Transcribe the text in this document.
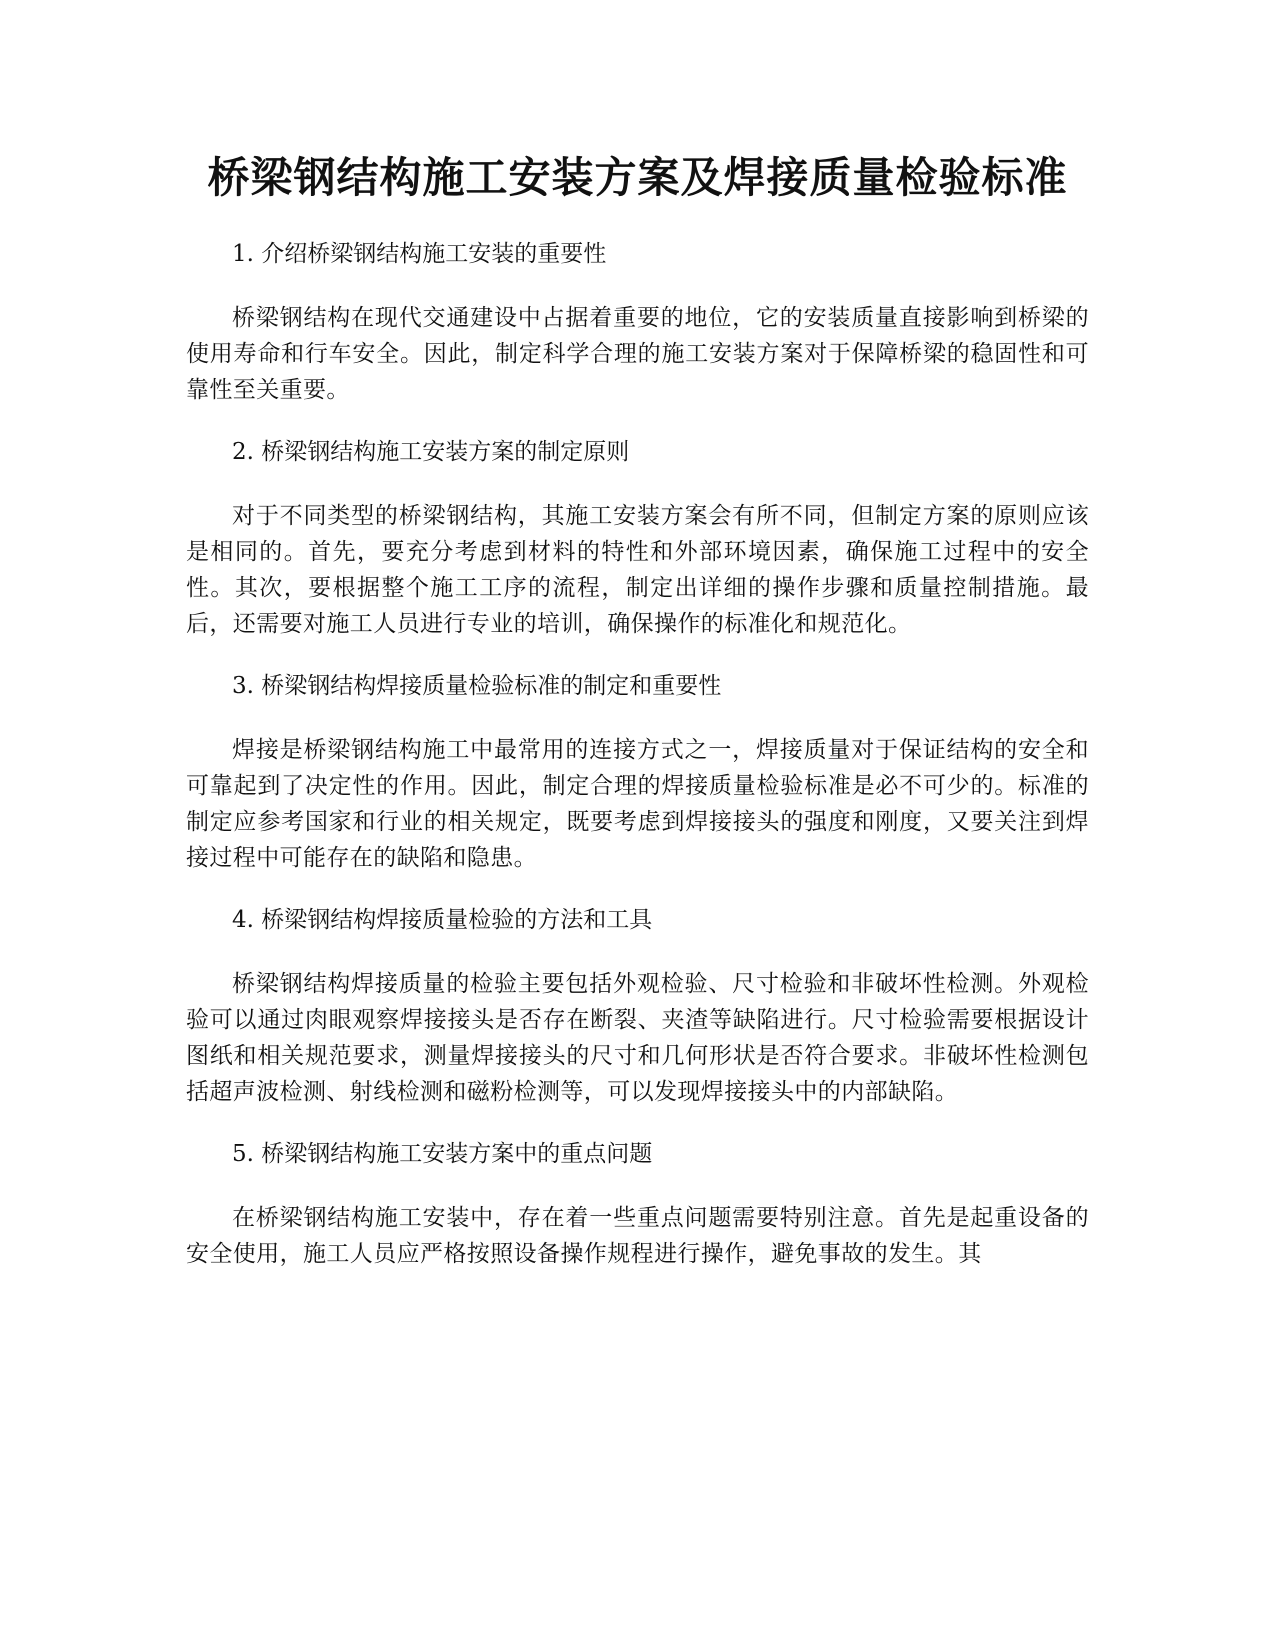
桥梁钢结构施工安装方案及焊接质量检验标准

1. 介绍桥梁钢结构施工安装的重要性

桥梁钢结构在现代交通建设中占据着重要的地位，它的安装质量直接影响到桥梁的使用寿命和行车安全。因此，制定科学合理的施工安装方案对于保障桥梁的稳固性和可靠性至关重要。

2. 桥梁钢结构施工安装方案的制定原则

对于不同类型的桥梁钢结构，其施工安装方案会有所不同，但制定方案的原则应该是相同的。首先，要充分考虑到材料的特性和外部环境因素，确保施工过程中的安全性。其次，要根据整个施工工序的流程，制定出详细的操作步骤和质量控制措施。最后，还需要对施工人员进行专业的培训，确保操作的标准化和规范化。

3. 桥梁钢结构焊接质量检验标准的制定和重要性

焊接是桥梁钢结构施工中最常用的连接方式之一，焊接质量对于保证结构的安全和可靠起到了决定性的作用。因此，制定合理的焊接质量检验标准是必不可少的。标准的制定应参考国家和行业的相关规定，既要考虑到焊接接头的强度和刚度，又要关注到焊接过程中可能存在的缺陷和隐患。

4. 桥梁钢结构焊接质量检验的方法和工具

桥梁钢结构焊接质量的检验主要包括外观检验、尺寸检验和非破坏性检测。外观检验可以通过肉眼观察焊接接头是否存在断裂、夹渣等缺陷进行。尺寸检验需要根据设计图纸和相关规范要求，测量焊接接头的尺寸和几何形状是否符合要求。非破坏性检测包括超声波检测、射线检测和磁粉检测等，可以发现焊接接头中的内部缺陷。

5. 桥梁钢结构施工安装方案中的重点问题

在桥梁钢结构施工安装中，存在着一些重点问题需要特别注意。首先是起重设备的安全使用，施工人员应严格按照设备操作规程进行操作，避免事故的发生。其
